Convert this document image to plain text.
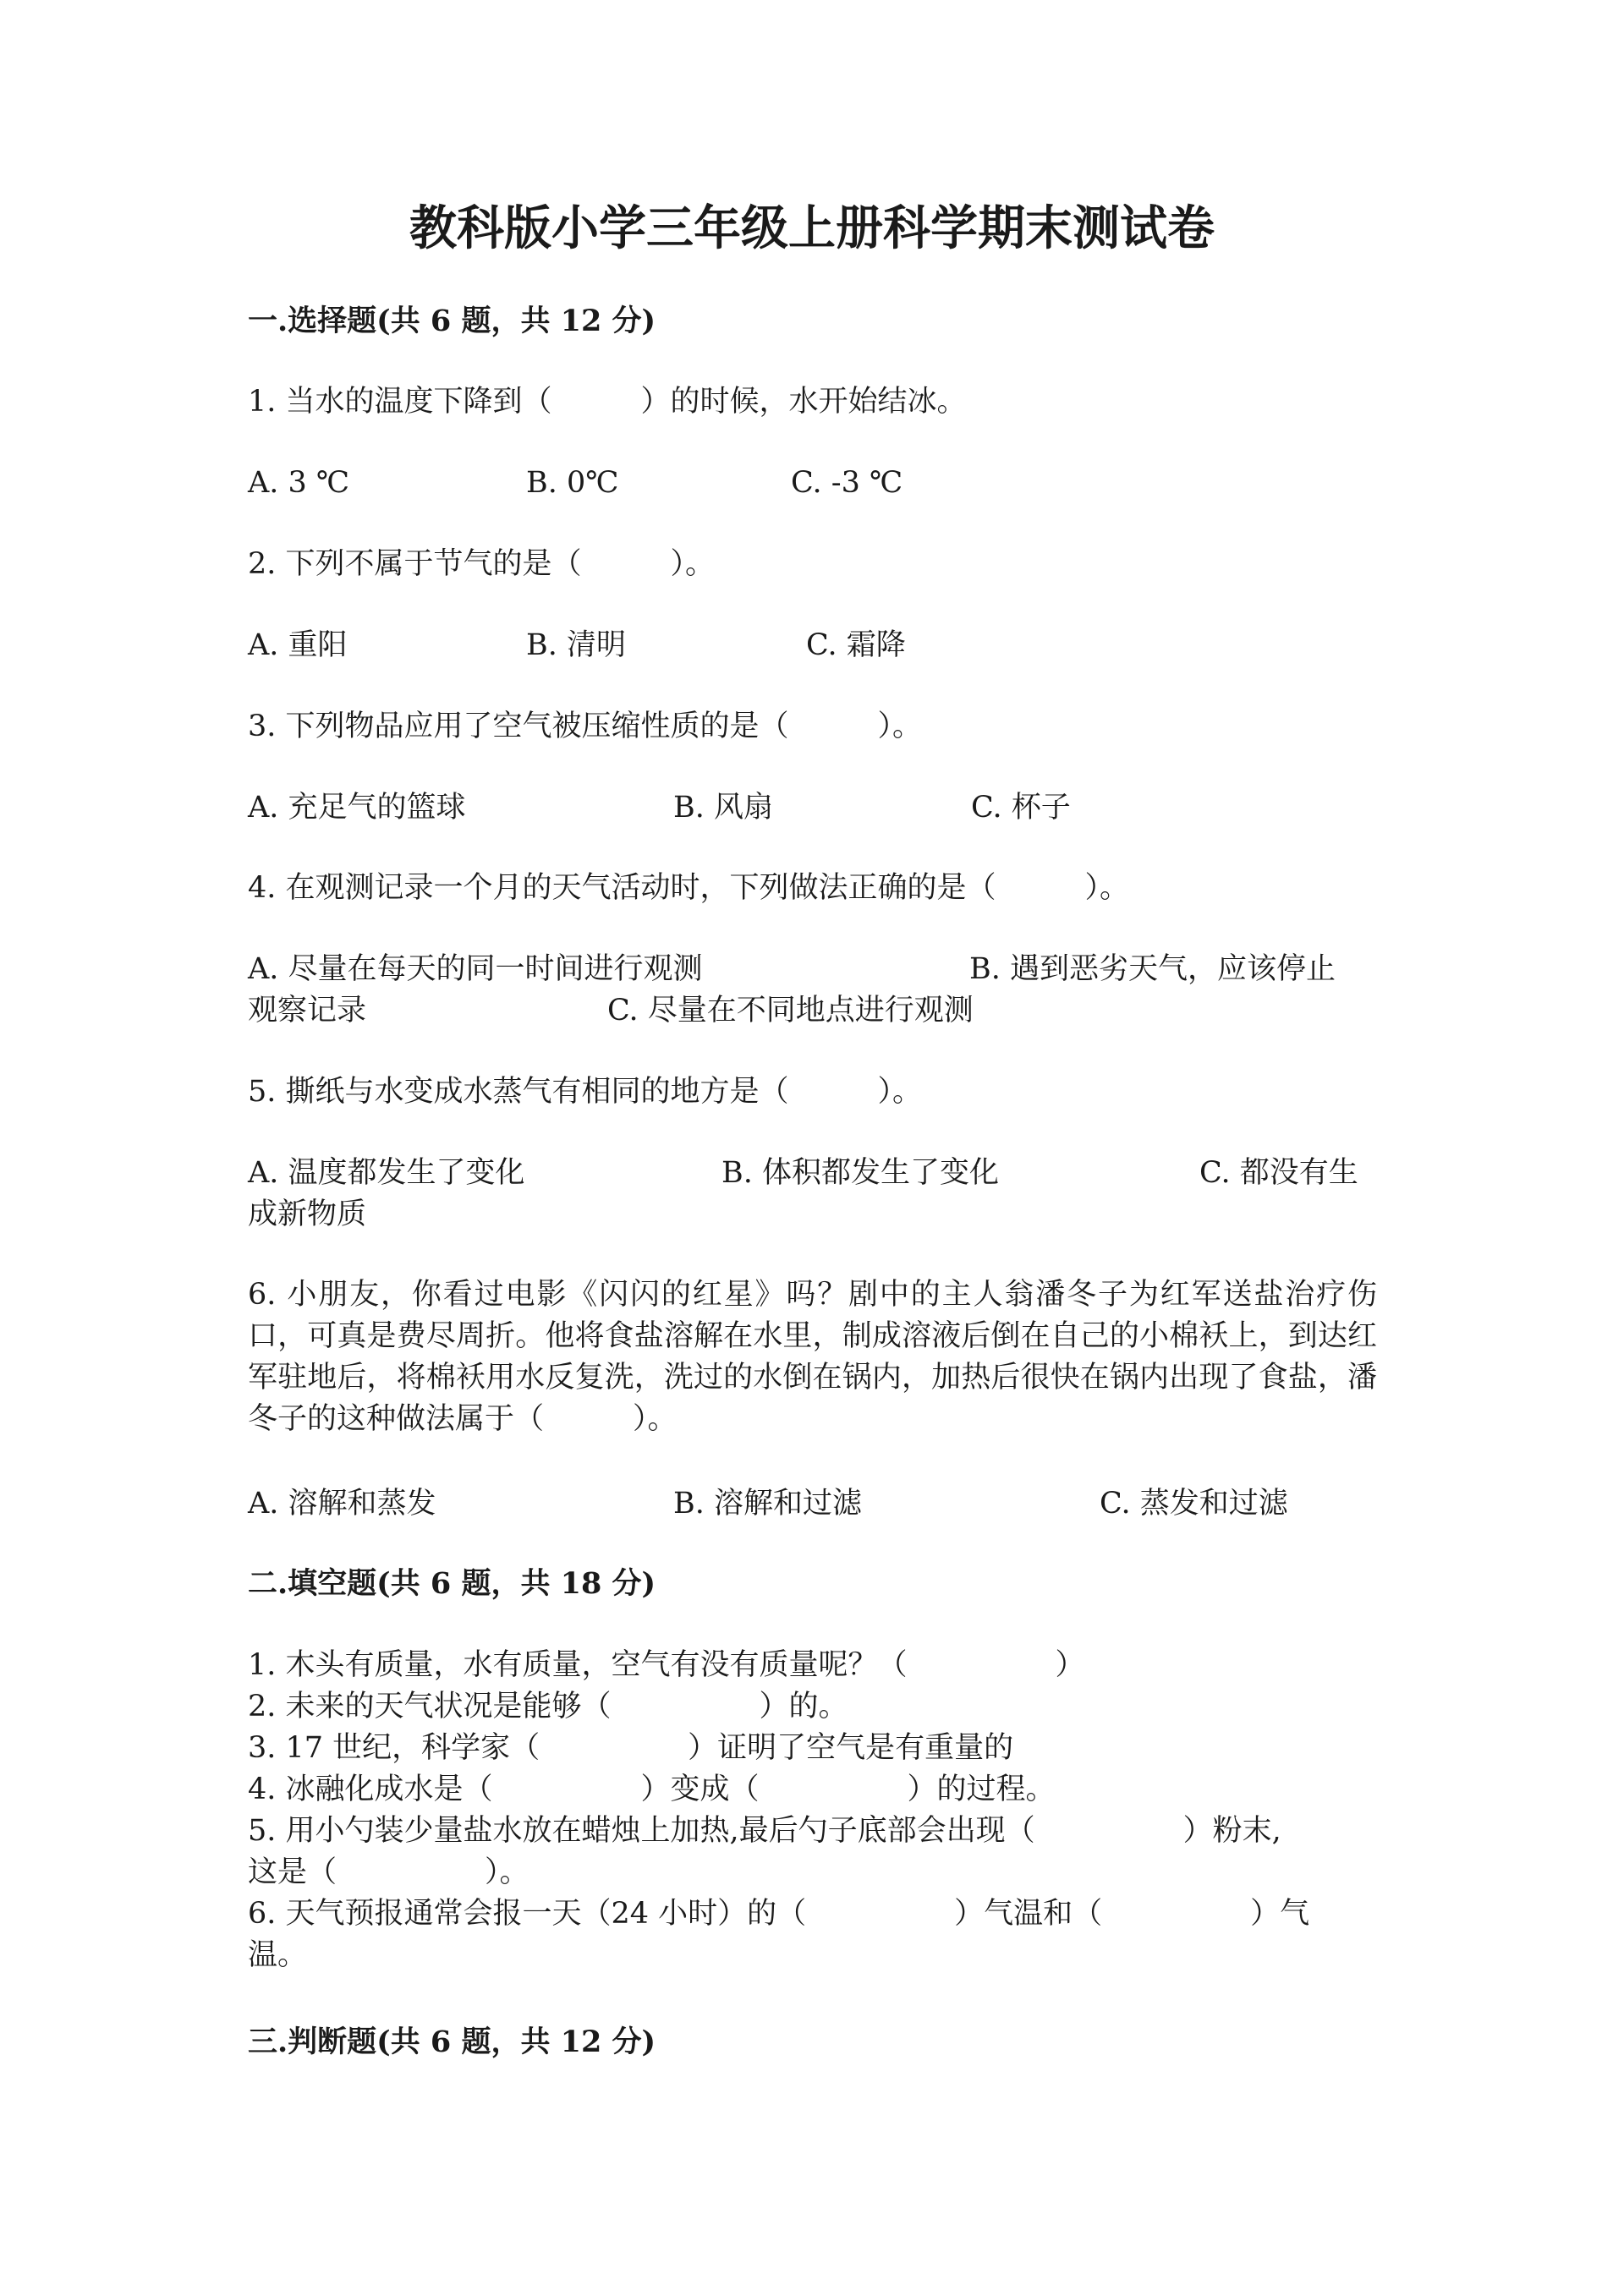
教科版小学三年级上册科学期末测试卷
一.选择题(共 6 题，共 12 分)
1. 当水的温度下降到（　　　）的时候，水开始结冰。
A. 3 ℃	B. 0℃	C. -3 ℃
2. 下列不属于节气的是（　　　）。
A. 重阳	B. 清明	C. 霜降
3. 下列物品应用了空气被压缩性质的是（　　　）。
A. 充足气的篮球	B. 风扇	C. 杯子
4. 在观测记录一个月的天气活动时，下列做法正确的是（　　　）。
A. 尽量在每天的同一时间进行观测	B. 遇到恶劣天气，应该停止
观察记录	C. 尽量在不同地点进行观测
5. 撕纸与水变成水蒸气有相同的地方是（　　　）。
A. 温度都发生了变化	B. 体积都发生了变化	C. 都没有生
成新物质
6. 小朋友，你看过电影《闪闪的红星》吗？剧中的主人翁潘冬子为红军送盐治疗伤口，可真是费尽周折。他将食盐溶解在水里，制成溶液后倒在自己的小棉袄上，到达红军驻地后，将棉袄用水反复洗，洗过的水倒在锅内，加热后很快在锅内出现了食盐，潘冬子的这种做法属于（　　　）。
A. 溶解和蒸发	B. 溶解和过滤	C. 蒸发和过滤
二.填空题(共 6 题，共 18 分)
1. 木头有质量，水有质量，空气有没有质量呢？（　　　　　）
2. 未来的天气状况是能够（　　　　　）的。
3. 17 世纪，科学家（　　　　　）证明了空气是有重量的
4. 冰融化成水是（　　　　　）变成（　　　　　）的过程。
5. 用小勺装少量盐水放在蜡烛上加热,最后勺子底部会出现（　　　　　）粉末,
这是（　　　　　）。
6. 天气预报通常会报一天（24 小时）的（　　　　　）气温和（　　　　　）气
温。
三.判断题(共 6 题，共 12 分)
